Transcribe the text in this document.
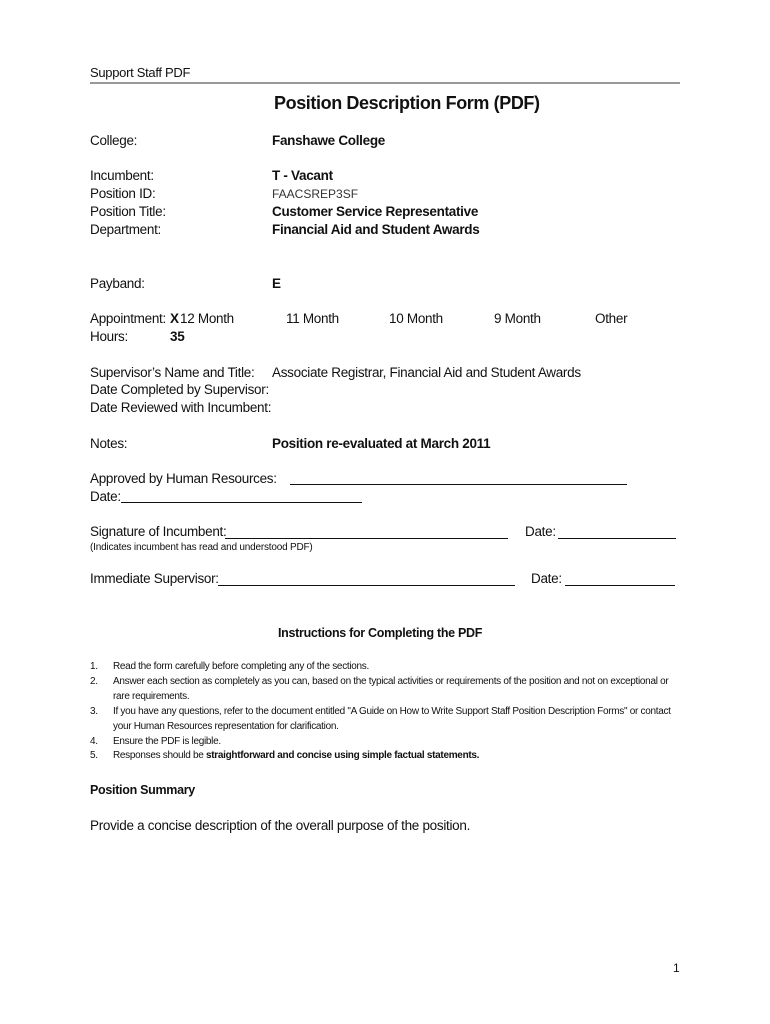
Support Staff PDF
Position Description Form (PDF)
College:	Fanshawe College
Incumbent:	T - Vacant
Position ID:	FAACSREP3SF
Position Title:	Customer Service Representative
Department:	Financial Aid and Student Awards
Payband:	E
Appointment: X 12 Month	11 Month	10 Month	9 Month	Other
Hours:	35
Supervisor’s Name and Title: Associate Registrar, Financial Aid and Student Awards
Date Completed by Supervisor:
Date Reviewed with Incumbent:
Notes:	Position re-evaluated at March 2011
Approved by Human Resources:
Date:
Signature of Incumbent:	Date:
(Indicates incumbent has read and understood PDF)
Immediate Supervisor:	Date:
Instructions for Completing the PDF
1. Read the form carefully before completing any of the sections.
2. Answer each section as completely as you can, based on the typical activities or requirements of the position and not on exceptional or rare requirements.
3. If you have any questions, refer to the document entitled "A Guide on How to Write Support Staff Position Description Forms" or contact your Human Resources representation for clarification.
4. Ensure the PDF is legible.
5. Responses should be straightforward and concise using simple factual statements.
Position Summary
Provide a concise description of the overall purpose of the position.
1
